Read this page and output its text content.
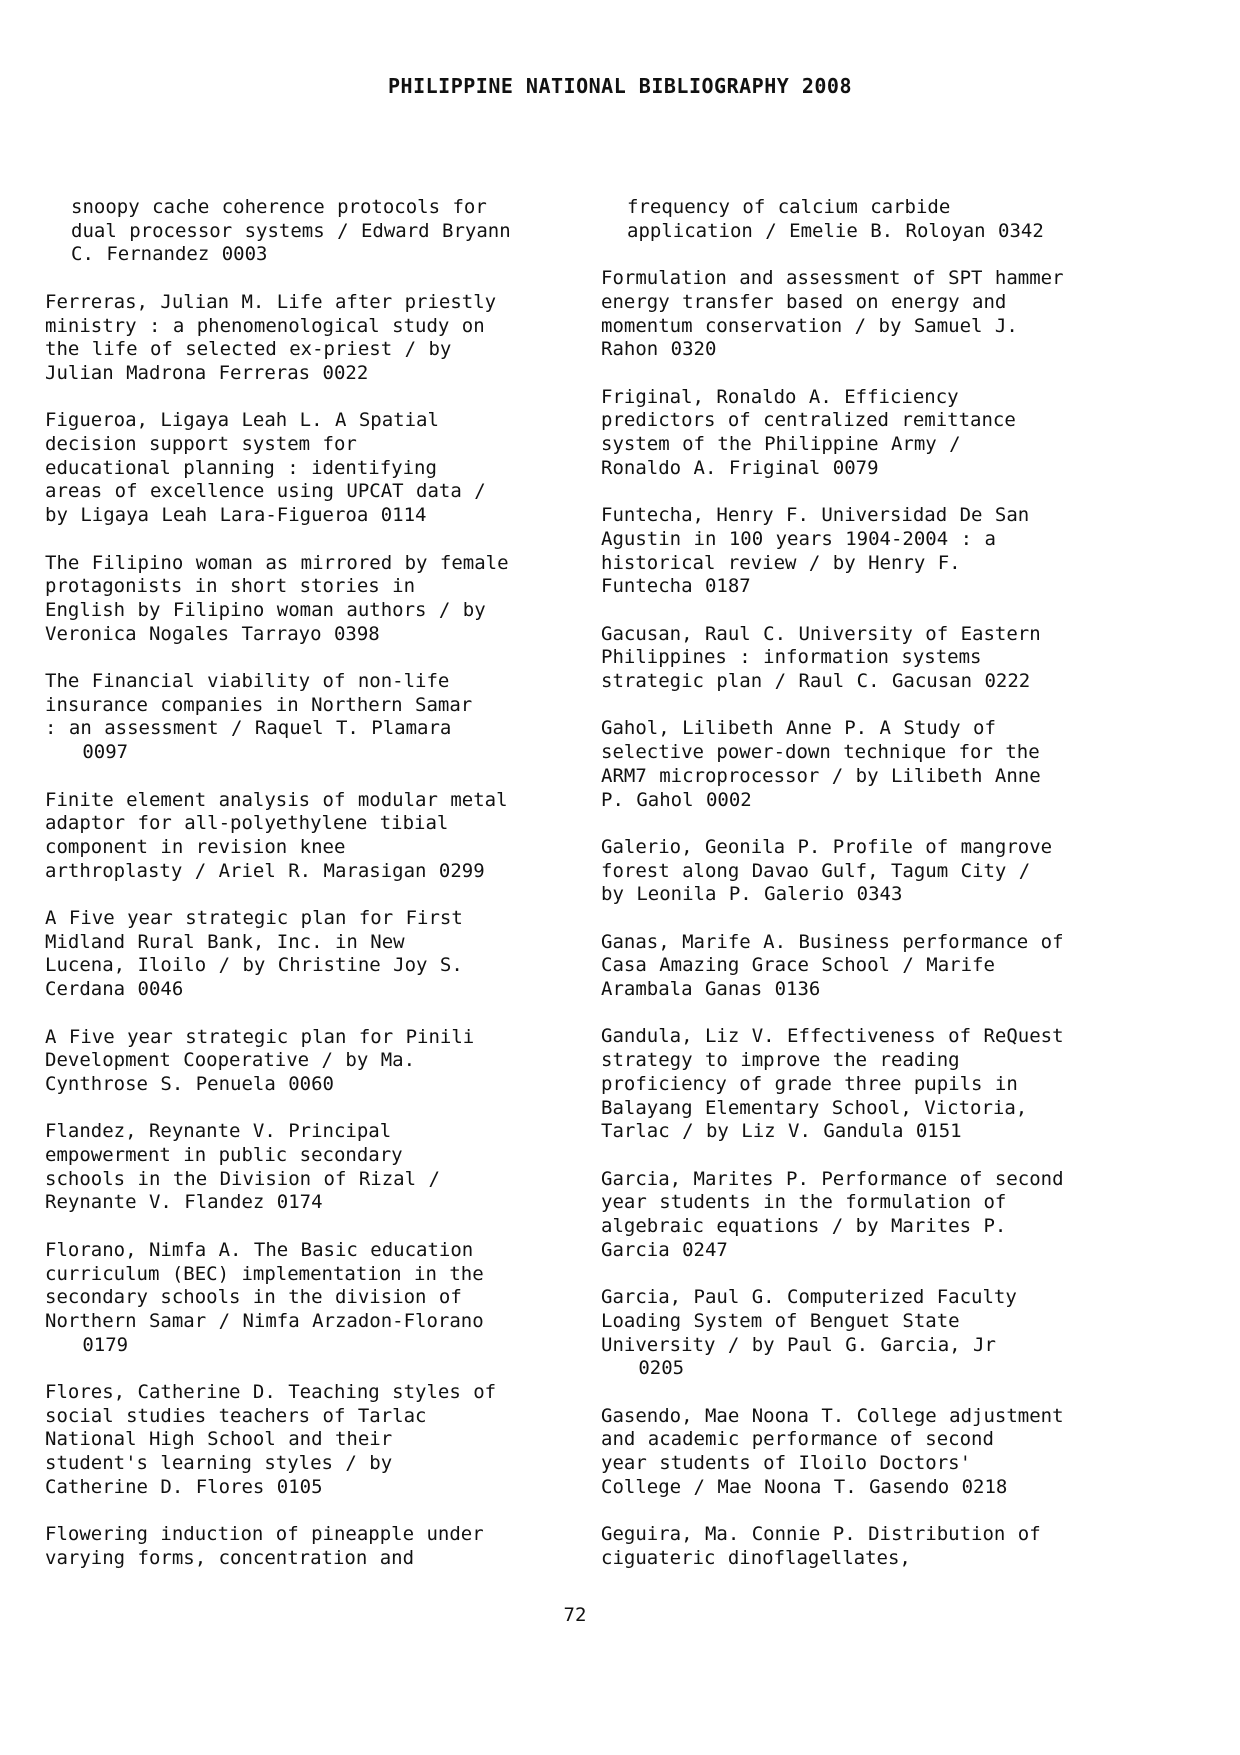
PHILIPPINE NATIONAL BIBLIOGRAPHY 2008
snoopy cache coherence protocols for
dual processor systems / Edward Bryann
C. Fernandez 0003
Ferreras, Julian M. Life after priestly
ministry : a phenomenological study on
the life of selected ex-priest / by
Julian Madrona Ferreras 0022
Figueroa, Ligaya Leah L. A Spatial
decision support system for
educational planning : identifying
areas of excellence using UPCAT data /
by Ligaya Leah Lara-Figueroa 0114
The Filipino woman as mirrored by female
protagonists in short stories in
English by Filipino woman authors / by
Veronica Nogales Tarrayo 0398
The Financial viability of non-life
insurance companies in Northern Samar
: an assessment / Raquel T. Plamara
0097
Finite element analysis of modular metal
adaptor for all-polyethylene tibial
component in revision knee
arthroplasty / Ariel R. Marasigan 0299
A Five year strategic plan for First
Midland Rural Bank, Inc. in New
Lucena, Iloilo / by Christine Joy S.
Cerdana 0046
A Five year strategic plan for Pinili
Development Cooperative / by Ma.
Cynthrose S. Penuela 0060
Flandez, Reynante V. Principal
empowerment in public secondary
schools in the Division of Rizal /
Reynante V. Flandez 0174
Florano, Nimfa A. The Basic education
curriculum (BEC) implementation in the
secondary schools in the division of
Northern Samar / Nimfa Arzadon-Florano
0179
Flores, Catherine D. Teaching styles of
social studies teachers of Tarlac
National High School and their
student's learning styles / by
Catherine D. Flores 0105
Flowering induction of pineapple under
varying forms, concentration and
frequency of calcium carbide
application / Emelie B. Roloyan 0342
Formulation and assessment of SPT hammer
energy transfer based on energy and
momentum conservation / by Samuel J.
Rahon 0320
Friginal, Ronaldo A. Efficiency
predictors of centralized remittance
system of the Philippine Army /
Ronaldo A. Friginal 0079
Funtecha, Henry F. Universidad De San
Agustin in 100 years 1904-2004 : a
historical review / by Henry F.
Funtecha 0187
Gacusan, Raul C. University of Eastern
Philippines : information systems
strategic plan / Raul C. Gacusan 0222
Gahol, Lilibeth Anne P. A Study of
selective power-down technique for the
ARM7 microprocessor / by Lilibeth Anne
P. Gahol 0002
Galerio, Geonila P. Profile of mangrove
forest along Davao Gulf, Tagum City /
by Leonila P. Galerio 0343
Ganas, Marife A. Business performance of
Casa Amazing Grace School / Marife
Arambala Ganas 0136
Gandula, Liz V. Effectiveness of ReQuest
strategy to improve the reading
proficiency of grade three pupils in
Balayang Elementary School, Victoria,
Tarlac / by Liz V. Gandula 0151
Garcia, Marites P. Performance of second
year students in the formulation of
algebraic equations / by Marites P.
Garcia 0247
Garcia, Paul G. Computerized Faculty
Loading System of Benguet State
University / by Paul G. Garcia, Jr
0205
Gasendo, Mae Noona T. College adjustment
and academic performance of second
year students of Iloilo Doctors'
College / Mae Noona T. Gasendo 0218
Geguira, Ma. Connie P. Distribution of
ciguateric dinoflagellates,
72
